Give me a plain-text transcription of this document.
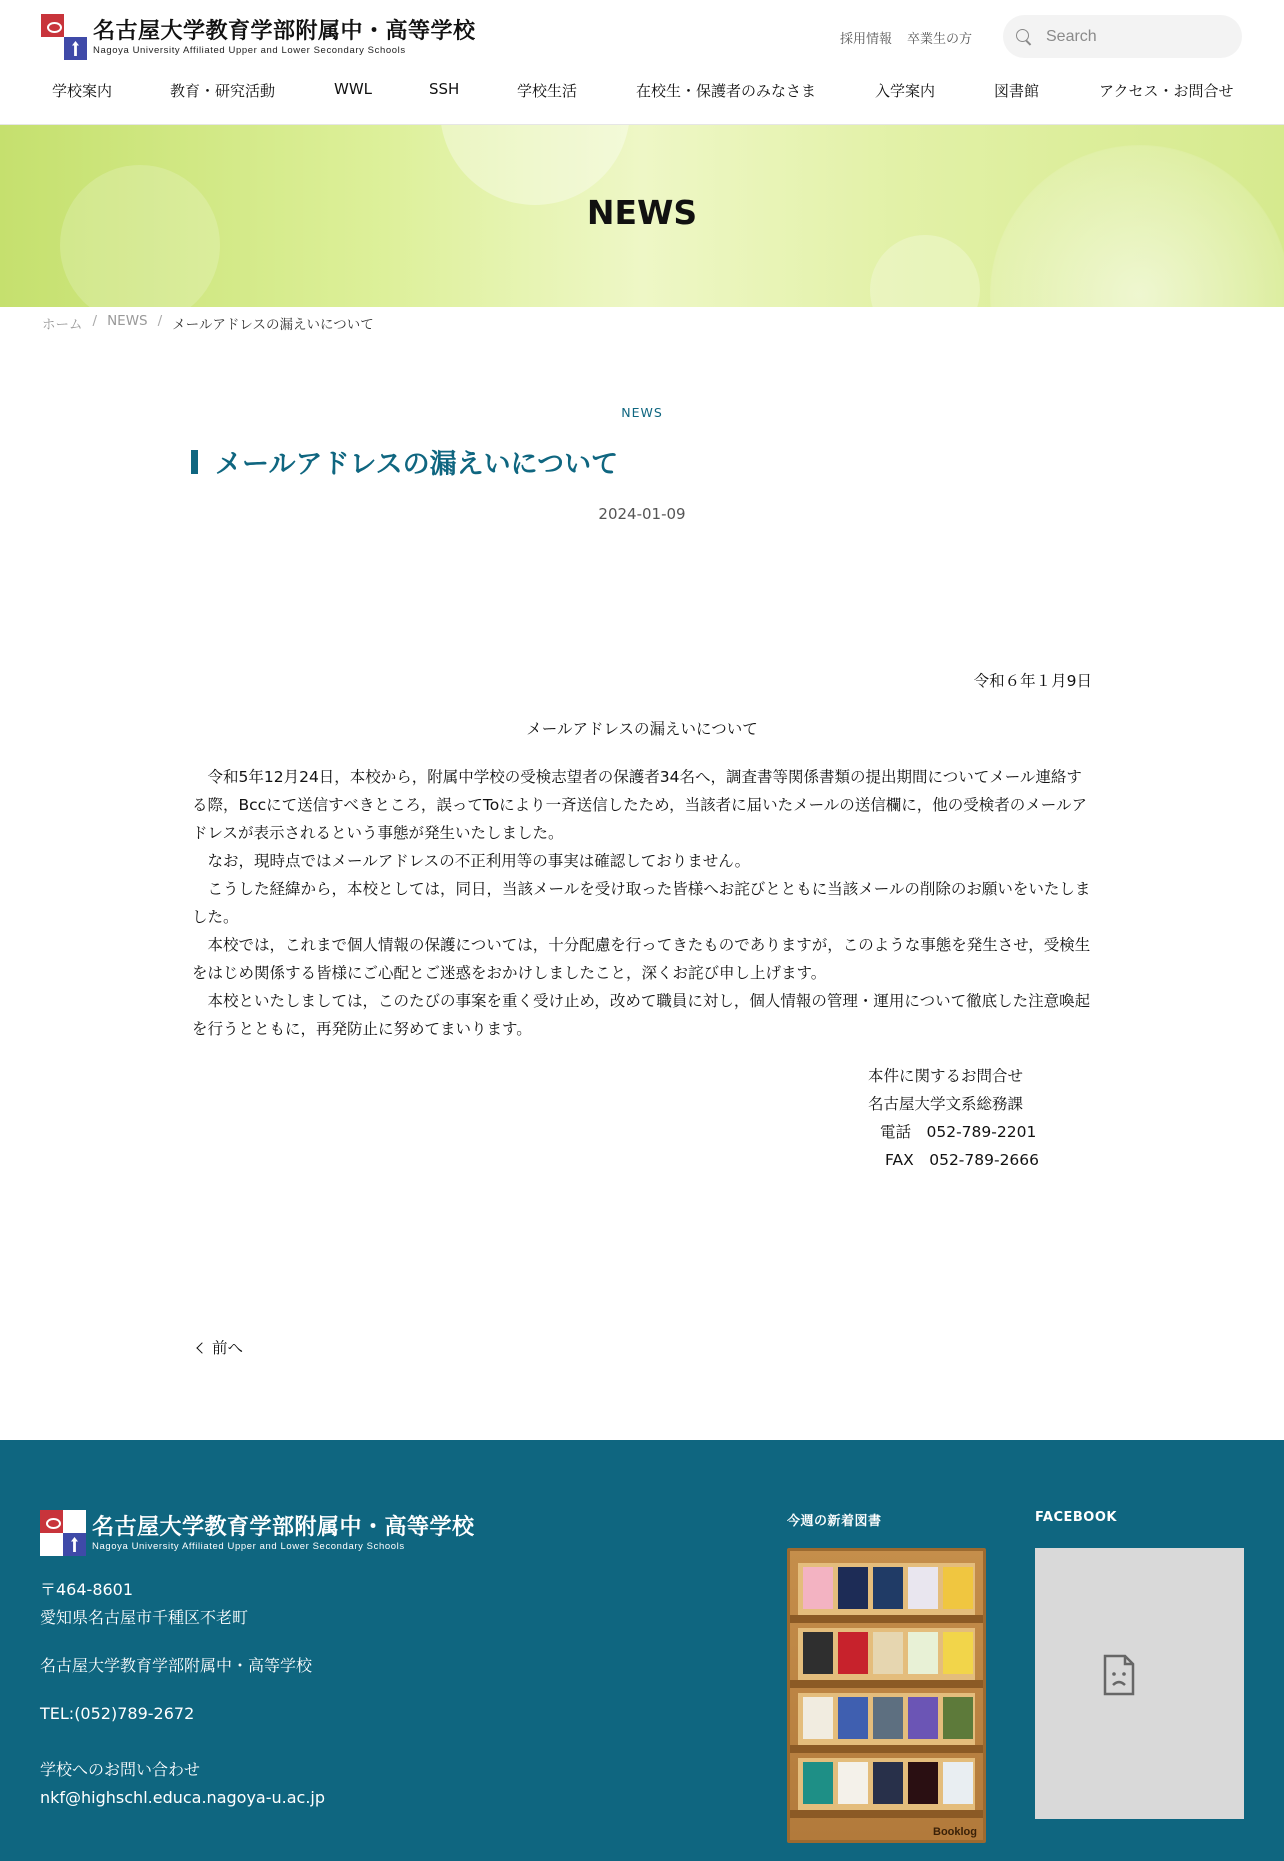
名古屋大学教育学部附属中・高等学校
Nagoya University Affiliated Upper and Lower Secondary Schools
採用情報 卒業生の方
Search
学校案内	教育・研究活動	WWL	SSH	学校生活	在校生・保護者のみなさま	入学案内	図書館	アクセス・お問合せ
NEWS
ホーム / NEWS / メールアドレスの漏えいについて
NEWS
メールアドレスの漏えいについて
2024-01-09
令和６年１月9日
メールアドレスの漏えいについて

令和5年12月24日，本校から，附属中学校の受検志望者の保護者34名へ，調査書等関係書類の提出期間についてメール連絡する際，Bccにて送信すべきところ，誤ってToにより一斉送信したため，当該者に届いたメールの送信欄に，他の受検者のメールアドレスが表示されるという事態が発生いたしました。

なお，現時点ではメールアドレスの不正利用等の事実は確認しておりません。

こうした経緯から，本校としては，同日，当該メールを受け取った皆様へお詫びとともに当該メールの削除のお願いをいたしました。

本校では，これまで個人情報の保護については，十分配慮を行ってきたものでありますが，このような事態を発生させ，受検生をはじめ関係する皆様にご心配とご迷惑をおかけしましたこと，深くお詫び申し上げます。

本校といたしましては，このたびの事案を重く受け止め，改めて職員に対し，個人情報の管理・運用について徹底した注意喚起を行うとともに，再発防止に努めてまいります。

本件に関するお問合せ
名古屋大学文系総務課
電話　052-789-2201
FAX　052-789-2666
前へ
名古屋大学教育学部附属中・高等学校
Nagoya University Affiliated Upper and Lower Secondary Schools
〒464-8601
愛知県名古屋市千種区不老町
名古屋大学教育学部附属中・高等学校
TEL:(052)789-2672
学校へのお問い合わせ
nkf@highschl.educa.nagoya-u.ac.jp
今週の新着図書
Booklog
FACEBOOK
